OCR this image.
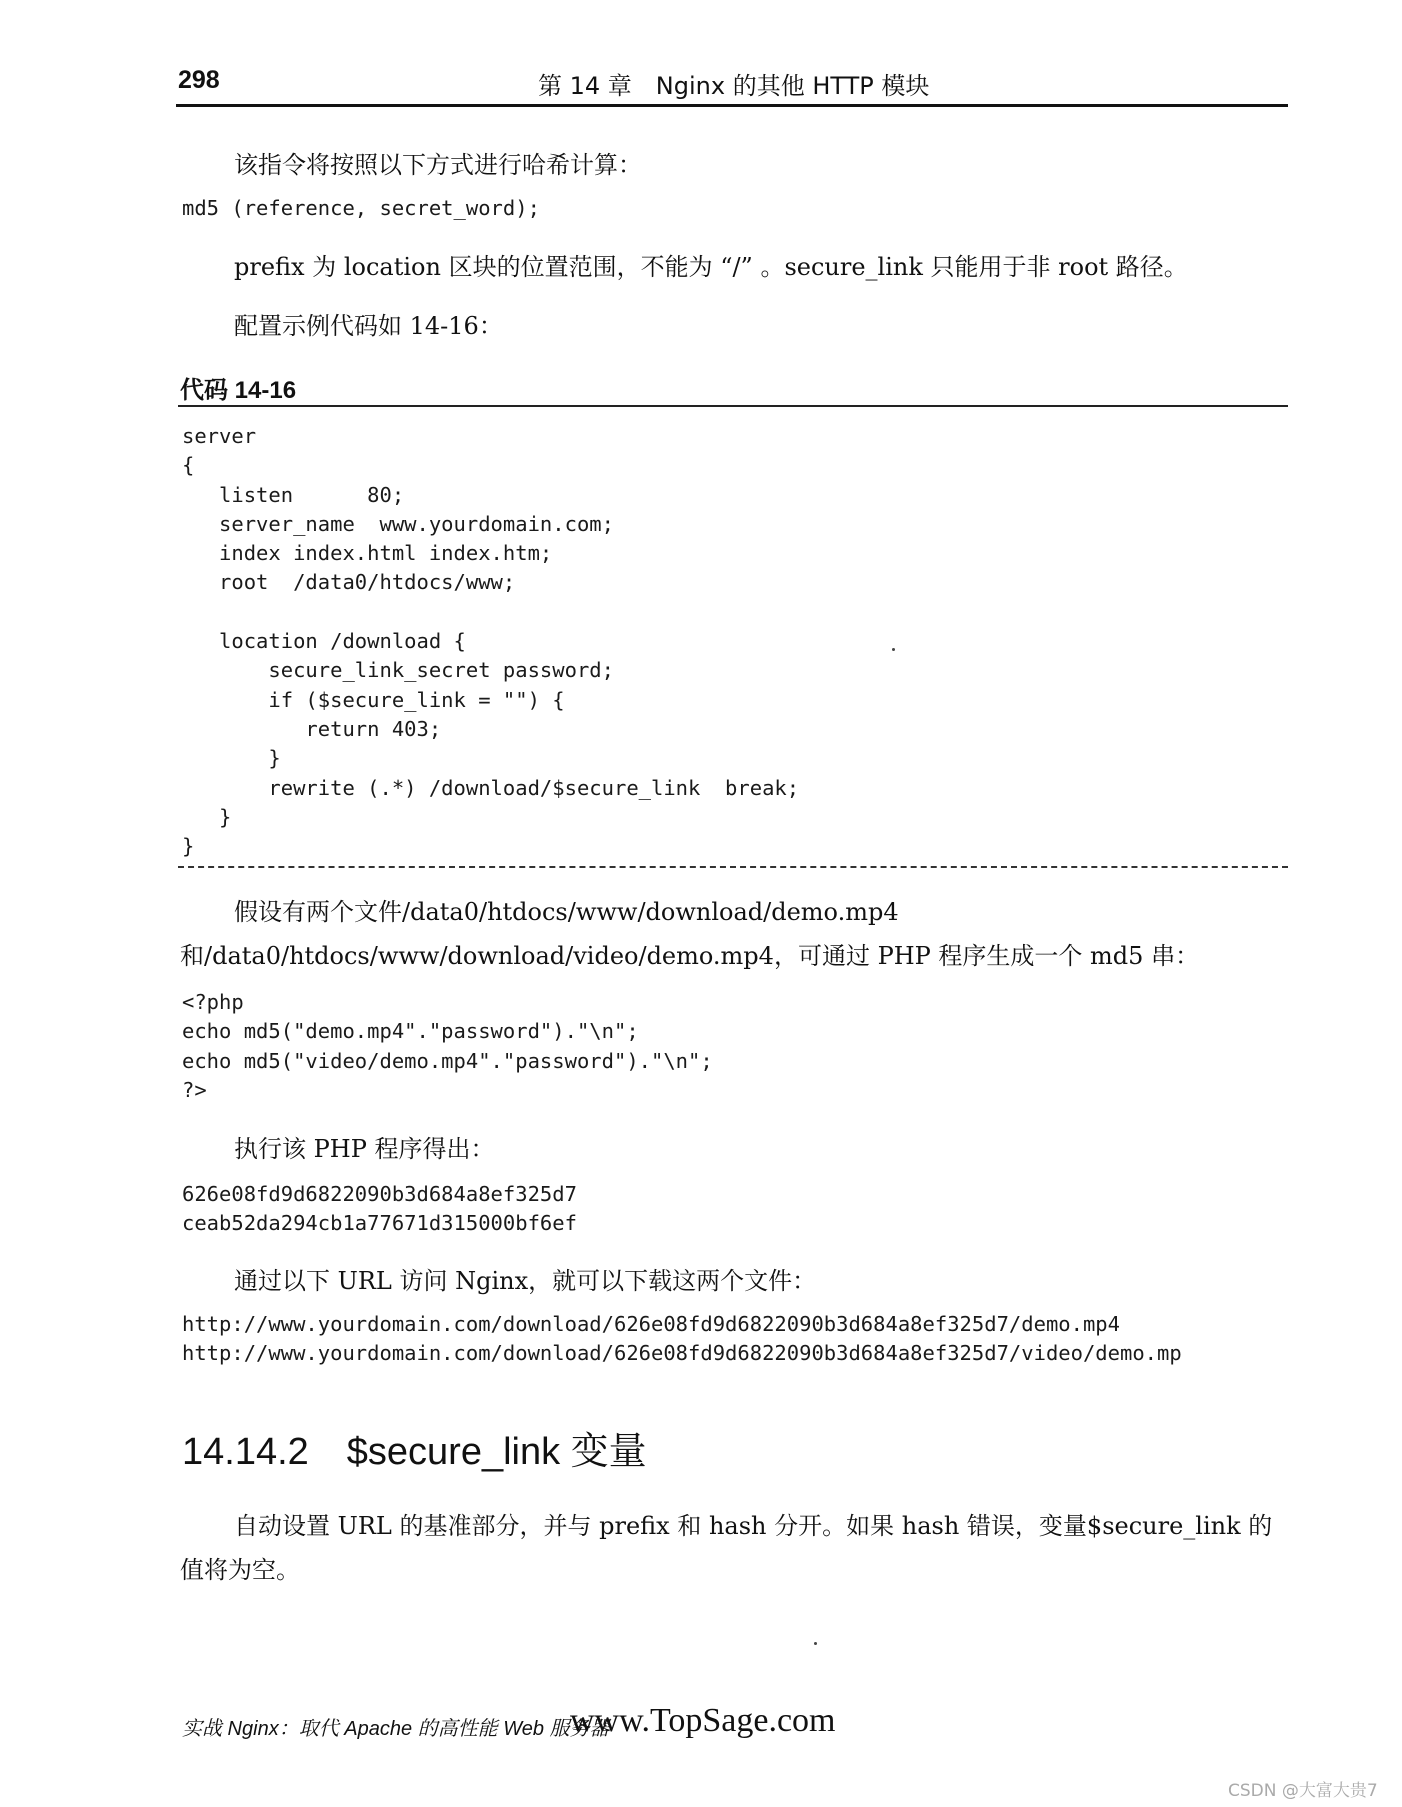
298	第 14 章　Nginx 的其他 HTTP 模块
该指令将按照以下方式进行哈希计算：
md5 (reference, secret_word);
prefix 为 location 区块的位置范围，不能为 “/” 。secure_link 只能用于非 root 路径。
配置示例代码如 14-16：
代码 14-16
server
{
listen      80;
server_name  www.yourdomain.com;
index index.html index.htm;
root  /data0/htdocs/www;

location /download {
secure_link_secret password;
if ($secure_link = "") {
return 403;
}
rewrite (.*) /download/$secure_link  break;
}
}
假设有两个文件/data0/htdocs/www/download/demo.mp4 和/data0/htdocs/www/download/video/demo.mp4，可通过 PHP 程序生成一个 md5 串：
<?php
echo md5("demo.mp4"."password")."\n";
echo md5("video/demo.mp4"."password")."\n";
?>
执行该 PHP 程序得出：
626e08fd9d6822090b3d684a8ef325d7
ceab52da294cb1a77671d315000bf6ef
通过以下 URL 访问 Nginx，就可以下载这两个文件：
http://www.yourdomain.com/download/626e08fd9d6822090b3d684a8ef325d7/demo.mp4
http://www.yourdomain.com/download/626e08fd9d6822090b3d684a8ef325d7/video/demo.mp
14.14.2　$secure_link 变量
自动设置 URL 的基准部分，并与 prefix 和 hash 分开。如果 hash 错误，变量$secure_link 的值将为空。
实战 Nginx：取代 Apache 的高性能 Web 服务器
www.TopSage.com
CSDN @大富大贵7
